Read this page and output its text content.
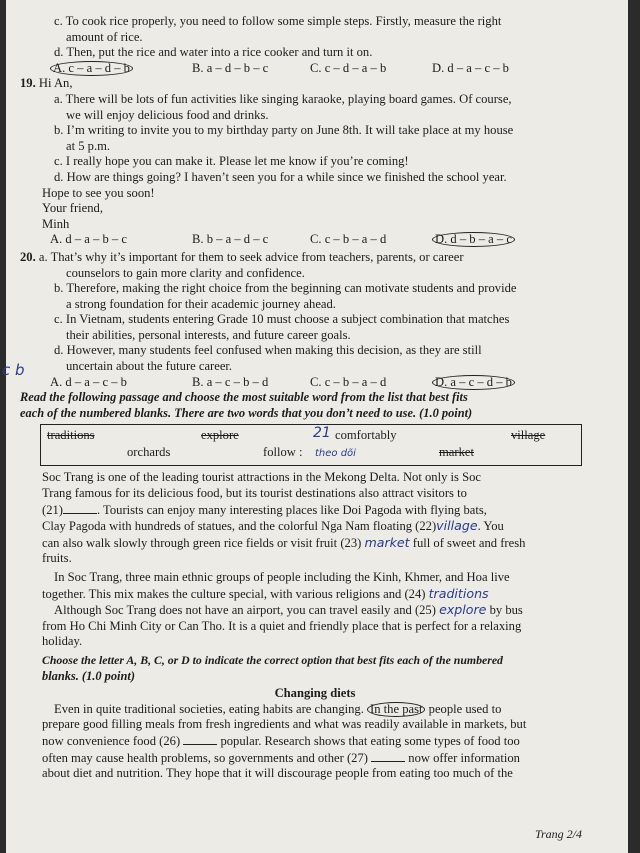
c b
c. To cook rice properly, you need to follow some simple steps. Firstly, measure the right
amount of rice.
d. Then, put the rice and water into a rice cooker and turn it on.
A. c – a – d – b	B. a – d – b – c	C. c – d – a – b	D. d – a – c – b
19. Hi An,
a. There will be lots of fun activities like singing karaoke, playing board games. Of course,
we will enjoy delicious food and drinks.
b. I’m writing to invite you to my birthday party on June 8th. It will take place at my house
at 5 p.m.
c. I really hope you can make it. Please let me know if you’re coming!
d. How are things going? I haven’t seen you for a while since we finished the school year.
Hope to see you soon!
Your friend,
Minh
A. d – a – b – c	B. b – a – d – c	C. c – b – a – d	D. d – b – a – c
20. a. That’s why it’s important for them to seek advice from teachers, parents, or career
counselors to gain more clarity and confidence.
b. Therefore, making the right choice from the beginning can motivate students and provide
a strong foundation for their academic journey ahead.
c. In Vietnam, students entering Grade 10 must choose a subject combination that matches
their abilities, personal interests, and future career goals.
d. However, many students feel confused when making this decision, as they are still
uncertain about the future career.
A. d – a – c – b	B. a – c – b – d	C. c – b – a – d	D. a – c – d – b
Read the following passage and choose the most suitable word from the list that best fits
each of the numbered blanks. There are two words that you don’t need to use. (1.0 point)
traditions	explore	21 comfortably	village
orchards	follow : theo dõi	market
Soc Trang is one of the leading tourist attractions in the Mekong Delta. Not only is Soc
Trang famous for its delicious food, but its tourist destinations also attract visitors to
(21)	. Tourists can enjoy many interesting places like Doi Pagoda with flying bats,
Clay Pagoda with hundreds of statues, and the colorful Nga Nam floating (22)village. You
can also walk slowly through green rice fields or visit fruit (23) market full of sweet and fresh
fruits.
In Soc Trang, three main ethnic groups of people including the Kinh, Khmer, and Hoa live
together. This mix makes the culture special, with various religions and (24) traditions
Although Soc Trang does not have an airport, you can travel easily and (25) explore by bus
from Ho Chi Minh City or Can Tho. It is a quiet and friendly place that is perfect for a relaxing
holiday.
Choose the letter A, B, C, or D to indicate the correct option that best fits each of the numbered
blanks. (1.0 point)
Changing diets
Even in quite traditional societies, eating habits are changing. In the past people used to
prepare good filling meals from fresh ingredients and what was readily available in markets, but
now convenience food (26)	popular. Research shows that eating some types of food too
often may cause health problems, so governments and other (27)	now offer information
about diet and nutrition. They hope that it will discourage people from eating too much of the
Trang 2/4
